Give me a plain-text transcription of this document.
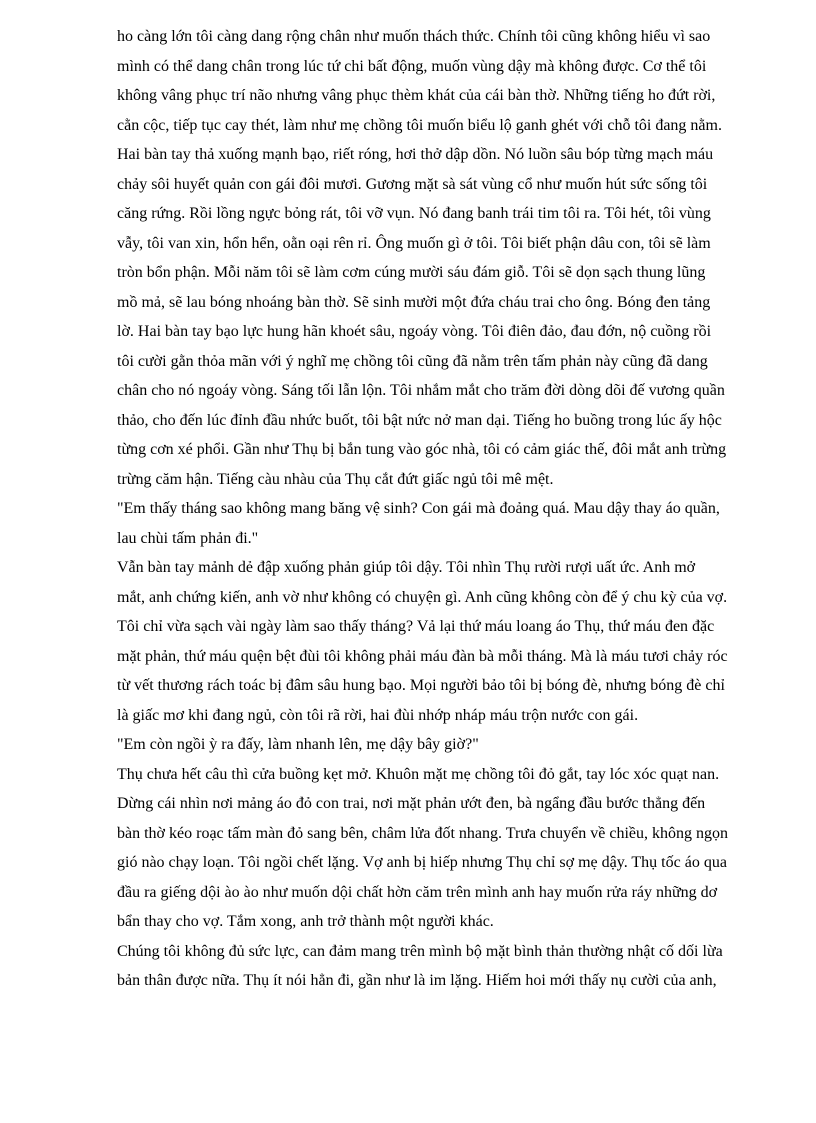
ho càng lớn tôi càng dang rộng chân như muốn thách thức. Chính tôi cũng không hiểu vì sao
mình có thể dang chân trong lúc tứ chi bất động, muốn vùng dậy mà không được. Cơ thể tôi
không vâng phục trí não nhưng vâng phục thèm khát của cái bàn thờ. Những tiếng ho đứt rời,
cằn cộc, tiếp tục cay thét, làm như mẹ chồng tôi muốn biểu lộ ganh ghét với chỗ tôi đang nằm.
Hai bàn tay thả xuống mạnh bạo, riết róng, hơi thở dập dồn. Nó luồn sâu bóp từng mạch máu
chảy sôi huyết quản con gái đôi mươi. Gương mặt sà sát vùng cổ như muốn hút sức sống tôi
căng rứng. Rồi lồng ngực bỏng rát, tôi vỡ vụn. Nó đang banh trái tim tôi ra. Tôi hét, tôi vùng
vẫy, tôi van xin, hổn hển, oằn oại rên rỉ. Ông muốn gì ở tôi. Tôi biết phận dâu con, tôi sẽ làm
tròn bổn phận. Mỗi năm tôi sẽ làm cơm cúng mười sáu đám giỗ. Tôi sẽ dọn sạch thung lũng
mồ mả, sẽ lau bóng nhoáng bàn thờ. Sẽ sinh mười một đứa cháu trai cho ông. Bóng đen tảng
lờ. Hai bàn tay bạo lực hung hãn khoét sâu, ngoáy vòng. Tôi điên đảo, đau đớn, nộ cuồng rồi
tôi cười gằn thỏa mãn với ý nghĩ mẹ chồng tôi cũng đã nằm trên tấm phản này cũng đã dang
chân cho nó ngoáy vòng. Sáng tối lẫn lộn. Tôi nhắm mắt cho trăm đời dòng dõi đế vương quần
thảo, cho đến lúc đỉnh đầu nhức buốt, tôi bật nức nở man dại. Tiếng ho buồng trong lúc ấy hộc
từng cơn xé phổi. Gần như Thụ bị bắn tung vào góc nhà, tôi có cảm giác thế, đôi mắt anh trừng
trừng căm hận. Tiếng càu nhàu của Thụ cắt đứt giấc ngủ tôi mê mệt.
"Em thấy tháng sao không mang băng vệ sinh? Con gái mà đoảng quá. Mau dậy thay áo quần,
lau chùi tấm phản đi."
Vẫn bàn tay mảnh dẻ đập xuống phản giúp tôi dậy. Tôi nhìn Thụ rười rượi uất ức. Anh mở
mắt, anh chứng kiến, anh vờ như không có chuyện gì. Anh cũng không còn để ý chu kỳ của vợ.
Tôi chỉ vừa sạch vài ngày làm sao thấy tháng? Vả lại thứ máu loang áo Thụ, thứ máu đen đặc
mặt phản, thứ máu quện bệt đùi tôi không phải máu đàn bà mỗi tháng. Mà là máu tươi chảy róc
từ vết thương rách toác bị đâm sâu hung bạo. Mọi người bảo tôi bị bóng đè, nhưng bóng đè chỉ
là giấc mơ khi đang ngủ, còn tôi rã rời, hai đùi nhớp nháp máu trộn nước con gái.
"Em còn ngồi ỳ ra đấy, làm nhanh lên, mẹ dậy bây giờ?"
Thụ chưa hết câu thì cửa buồng kẹt mở. Khuôn mặt mẹ chồng tôi đỏ gắt, tay lóc xóc quạt nan.
Dừng cái nhìn nơi mảng áo đỏ con trai, nơi mặt phản ướt đen, bà ngẩng đầu bước thẳng đến
bàn thờ kéo roạc tấm màn đỏ sang bên, châm lửa đốt nhang. Trưa chuyển về chiều, không ngọn
gió nào chạy loạn. Tôi ngồi chết lặng. Vợ anh bị hiếp nhưng Thụ chỉ sợ mẹ dậy. Thụ tốc áo qua
đầu ra giếng dội ào ào như muốn dội chất hờn căm trên mình anh hay muốn rửa ráy những dơ
bẩn thay cho vợ. Tắm xong, anh trở thành một người khác.
Chúng tôi không đủ sức lực, can đảm mang trên mình bộ mặt bình thản thường nhật cố dối lừa
bản thân được nữa. Thụ ít nói hẳn đi, gần như là im lặng. Hiếm hoi mới thấy nụ cười của anh,
